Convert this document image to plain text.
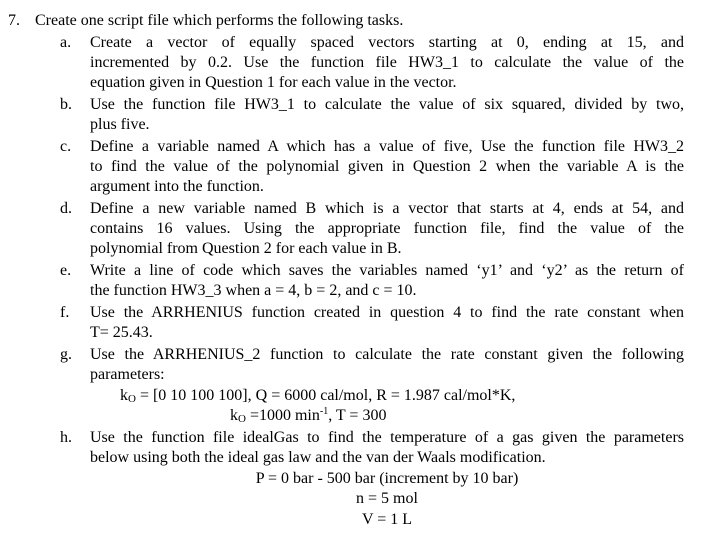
7. Create one script file which performs the following tasks.
a. Create a vector of equally spaced vectors starting at 0, ending at 15, and
incremented by 0.2. Use the function file HW3_1 to calculate the value of the
equation given in Question 1 for each value in the vector.
b. Use the function file HW3_1 to calculate the value of six squared, divided by two,
plus five.
c. Define a variable named A which has a value of five, Use the function file HW3_2
to find the value of the polynomial given in Question 2 when the variable A is the
argument into the function.
d. Define a new variable named B which is a vector that starts at 4, ends at 54, and
contains 16 values. Using the appropriate function file, find the value of the
polynomial from Question 2 for each value in B.
e. Write a line of code which saves the variables named ‘y1’ and ‘y2’ as the return of
the function HW3_3 when a = 4, b = 2, and c = 10.
f. Use the ARRHENIUS function created in question 4 to find the rate constant when
T= 25.43.
g. Use the ARRHENIUS_2 function to calculate the rate constant given the following
parameters:
$k_O = [0$ 10 100 100], Q = 6000 cal/mol, R = 1.987 cal/mol*K,
$k_O =1000$ $\min^{-1}$, T = 300
h. Use the function file idealGas to find the temperature of a gas given the parameters
below using both the ideal gas law and the van der Waals modification.
P = 0 bar - 500 bar (increment by 10 bar)
n = 5 mol
V = 1 L
